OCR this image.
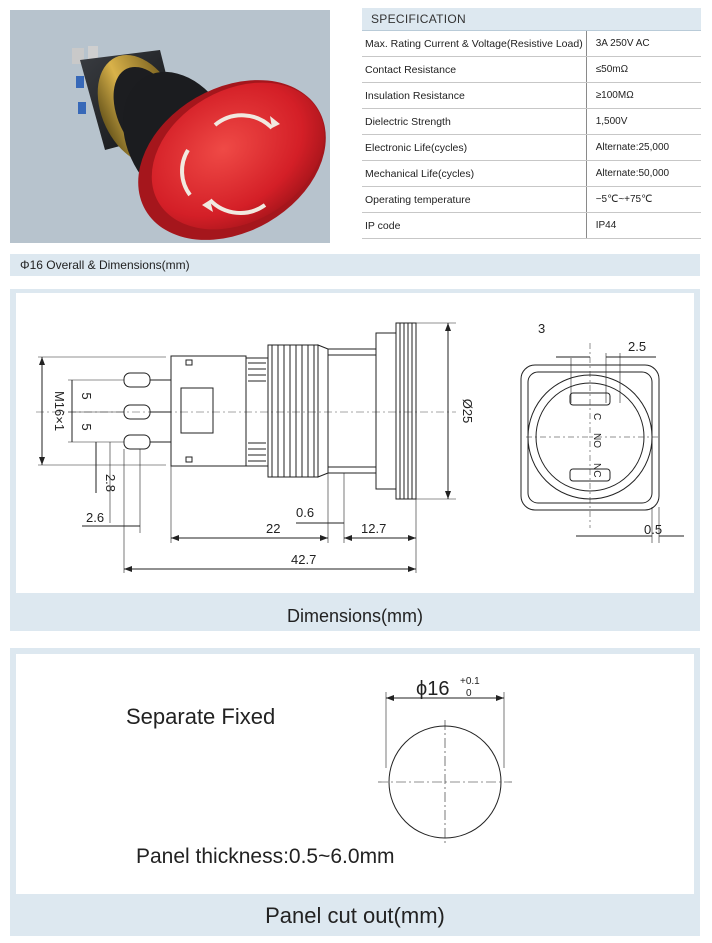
SPECIFICATION
Max. Rating Current & Voltage(Resistive Load)	3A 250V AC
Contact Resistance	≤50mΩ
Insulation Resistance	≥100MΩ
Dielectric Strength	1,500V
Electronic Life(cycles)	Alternate:25,000
Mechanical Life(cycles)	Alternate:50,000
Operating temperature	−5℃~+75℃
IP code	IP44
Φ16 Overall & Dimensions(mm)
M16×1 5
5
2.8
2.6
22
0.6
12.7
42.7
Ø25
3
2.5
0.5
C
NO
NC
Dimensions(mm)
Separate Fixed
Panel thickness:0.5~6.0mm
ϕ16 +0.1
0
Panel cut out(mm)
